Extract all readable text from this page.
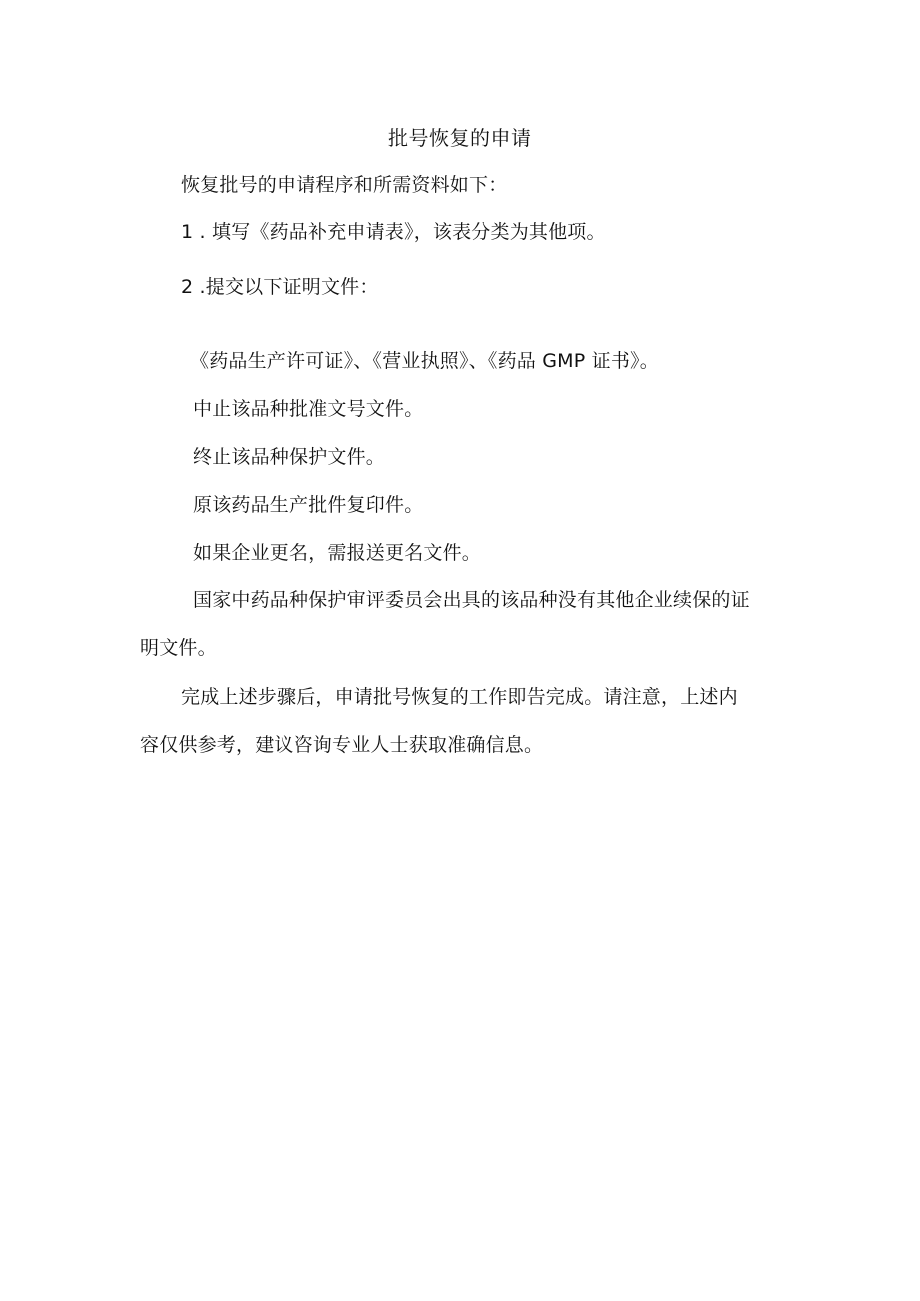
批号恢复的申请
恢复批号的申请程序和所需资料如下：
1 . 填写《药品补充申请表》，该表分类为其他项。
2 .提交以下证明文件：
《药品生产许可证》、《营业执照》、《药品 GMP 证书》。
中止该品种批准文号文件。
终止该品种保护文件。
原该药品生产批件复印件。
如果企业更名，需报送更名文件。
国家中药品种保护审评委员会出具的该品种没有其他企业续保的证
明文件。
完成上述步骤后，申请批号恢复的工作即告完成。请注意，上述内
容仅供参考，建议咨询专业人士获取准确信息。
